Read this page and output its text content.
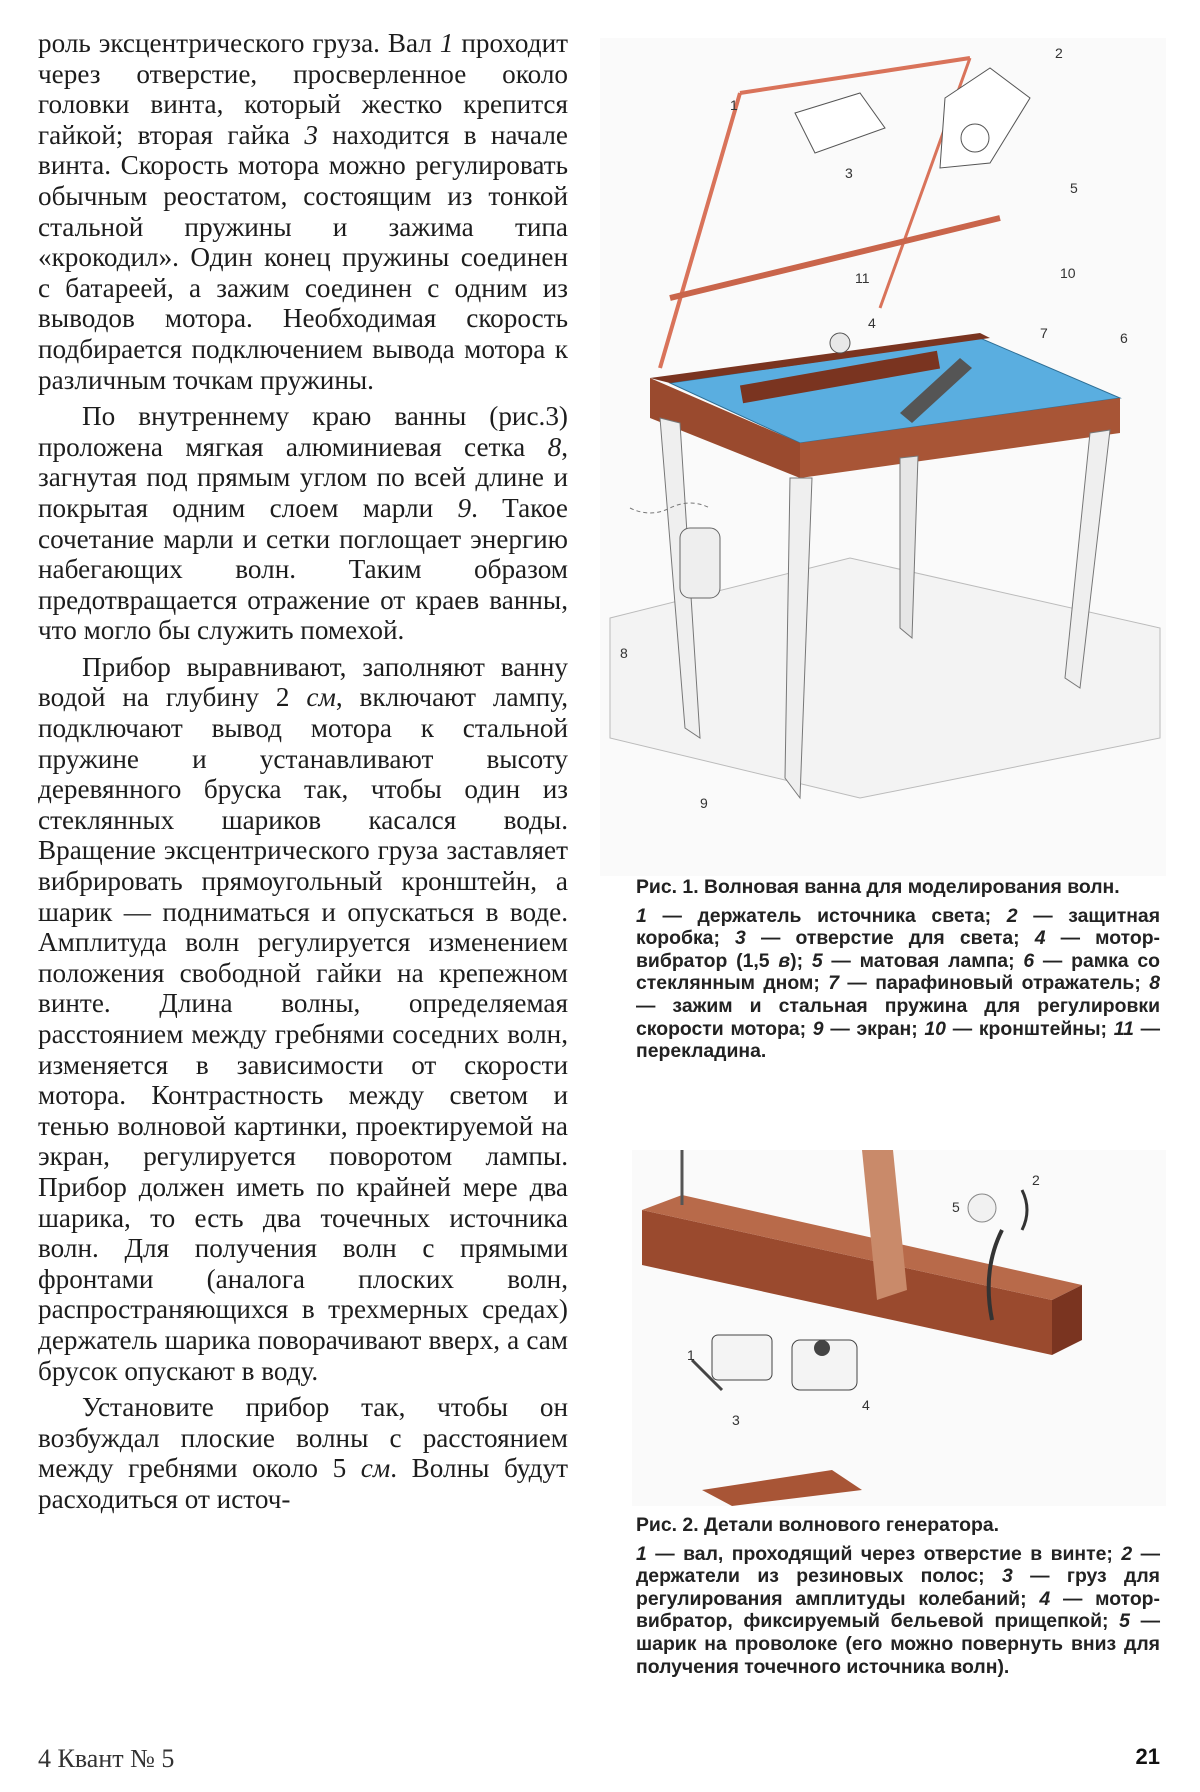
роль эксцентрического груза. Вал 1 проходит через отверстие, просверленное около головки винта, который жестко крепится гайкой; вторая гайка 3 находится в начале винта. Скорость мотора можно регулировать обычным реостатом, состоящим из тонкой стальной пружины и зажима типа «крокодил». Один конец пружины соединен с батареей, а зажим соединен с одним из выводов мотора. Необходимая скорость подбирается подключением вывода мотора к различным точкам пружины.

По внутреннему краю ванны (рис.3) проложена мягкая алюминиевая сетка 8, загнутая под прямым углом по всей длине и покрытая одним слоем марли 9. Такое сочетание марли и сетки поглощает энергию набегающих волн. Таким образом предотвращается отражение от краев ванны, что могло бы служить помехой.

Прибор выравнивают, заполняют ванну водой на глубину 2 см, включают лампу, подключают вывод мотора к стальной пружине и устанавливают высоту деревянного бруска так, чтобы один из стеклянных шариков касался воды. Вращение эксцентрического груза заставляет вибрировать прямоугольный кронштейн, а шарик — подниматься и опускаться в воде. Амплитуда волн регулируется изменением положения свободной гайки на крепежном винте. Длина волны, определяемая расстоянием между гребнями соседних волн, изменяется в зависимости от скорости мотора. Контрастность между светом и тенью волновой картинки, проектируемой на экран, регулируется поворотом лампы. Прибор должен иметь по крайней мере два шарика, то есть два точечных источника волн. Для получения волн с прямыми фронтами (аналога плоских волн, распространяющихся в трехмерных средах) держатель шарика поворачивают вверх, а сам брусок опускают в воду.

Установите прибор так, чтобы он возбуждал плоские волны с расстоянием между гребнями около 5 см. Волны будут расходиться от источ-

1
2
3
4
5
6
7
8
9
10
11

Рис. 1. Волновая ванна для моделирования волн.

1 — держатель источника света; 2 — защитная коробка; 3 — отверстие для света; 4 — мотор-вибратор (1,5 в); 5 — матовая лампа; 6 — рамка со стеклянным дном; 7 — парафиновый отражатель; 8 — зажим и стальная пружина для регулировки скорости мотора; 9 — экран; 10 — кронштейны; 11 — перекладина.

1
2
3
4
5

Рис. 2. Детали волнового генератора.

1 — вал, проходящий через отверстие в винте; 2 — держатели из резиновых полос; 3 — груз для регулирования амплитуды колебаний; 4 — мотор-вибратор, фиксируемый бельевой прищепкой; 5 — шарик на проволоке (его можно повернуть вниз для получения точечного источника волн).

4 Квант № 5	21
